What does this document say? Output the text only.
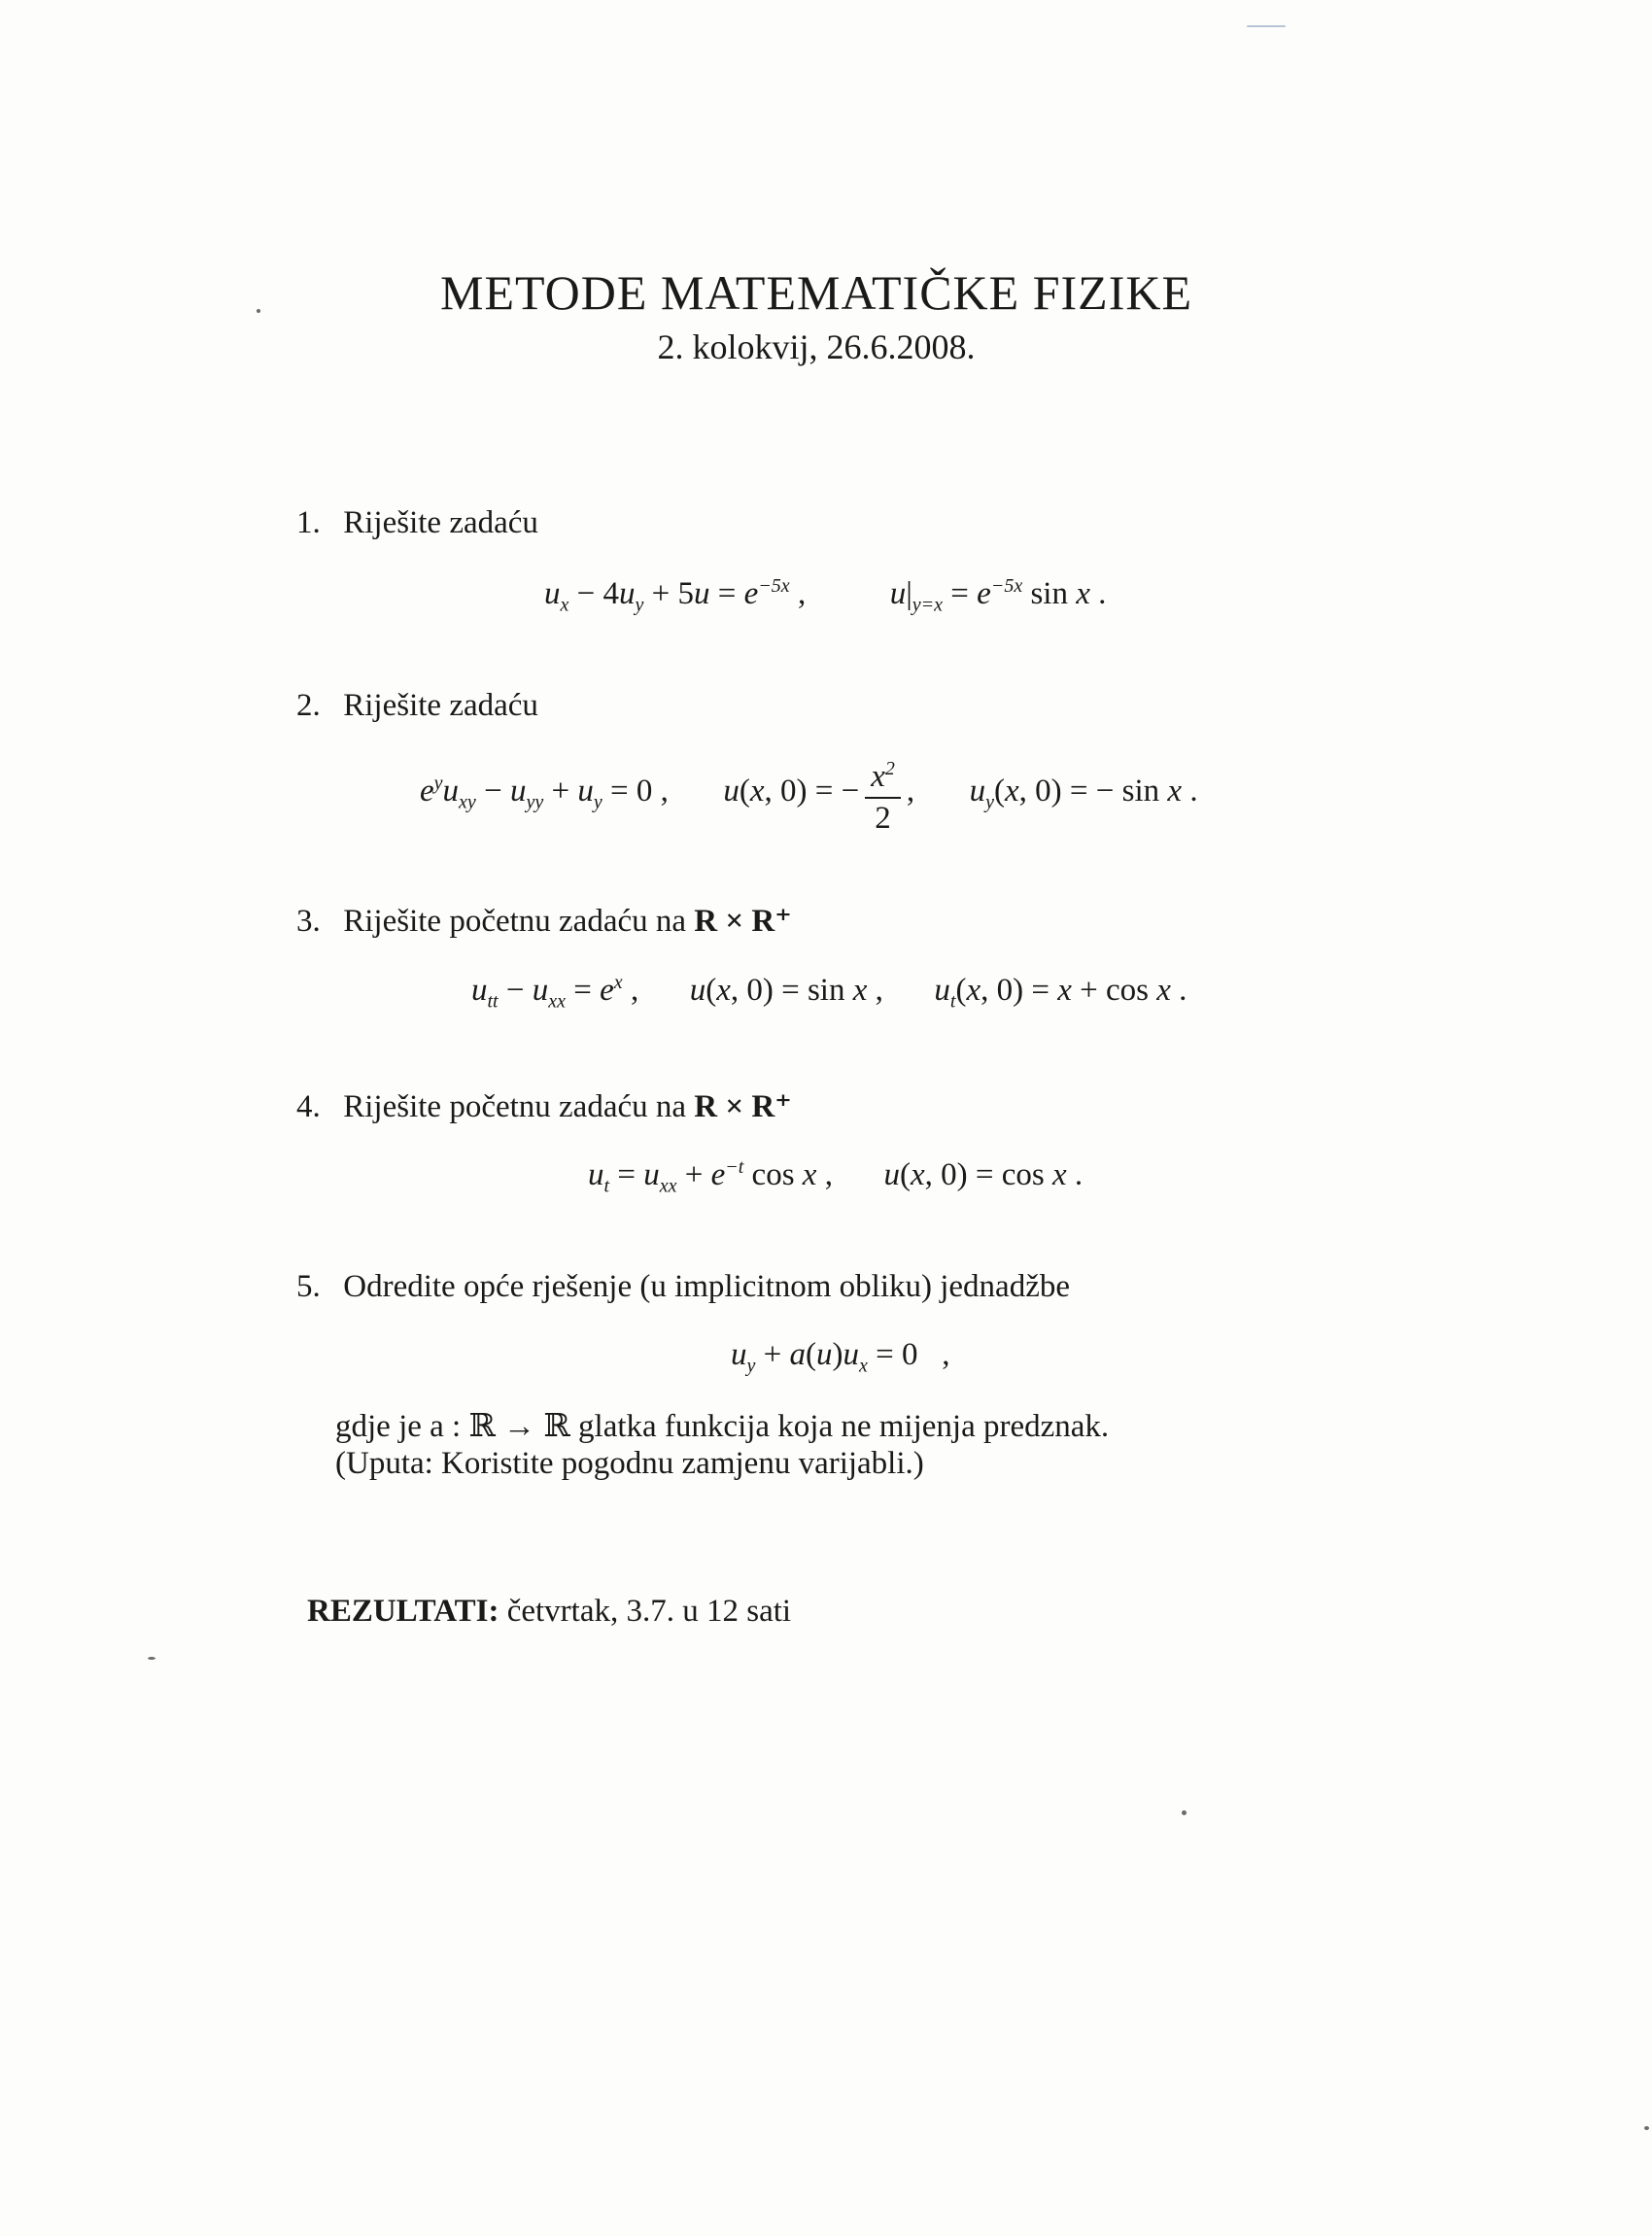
METODE MATEMATIČKE FIZIKE
2. kolokvij, 26.6.2008.
1. Riješite zadaću
$u_x - 4u_y + 5u = e^{-5x}$ ,	$u|_{y=x} = e^{-5x}$ sin x .
2. Riješite zadaću
$e^yu_{xy} - u_{yy} + u_y = 0$ , u(x, 0) = − $\frac{x^2}{2}$ , $u_y(x$, 0) = − sin x .
3. Riješite početnu zadaću na R × R⁺
$u_{tt} - u_{xx} = e^x$ , u(x, 0) = sin x , $u_t(x$, 0) = x + cos x .
4. Riješite početnu zadaću na R × R⁺
$u_t = u_{xx} + e^{-t}$ cos x , u(x, 0) = cos x .
5. Odredite opće rješenje (u implicitnom obliku) jednadžbe
$u_y + a(u)u_x = 0$   ,
gdje je a : ℝ → ℝ glatka funkcija koja ne mijenja predznak.
(Uputa: Koristite pogodnu zamjenu varijabli.)
REZULTATI: četvrtak, 3.7. u 12 sati
